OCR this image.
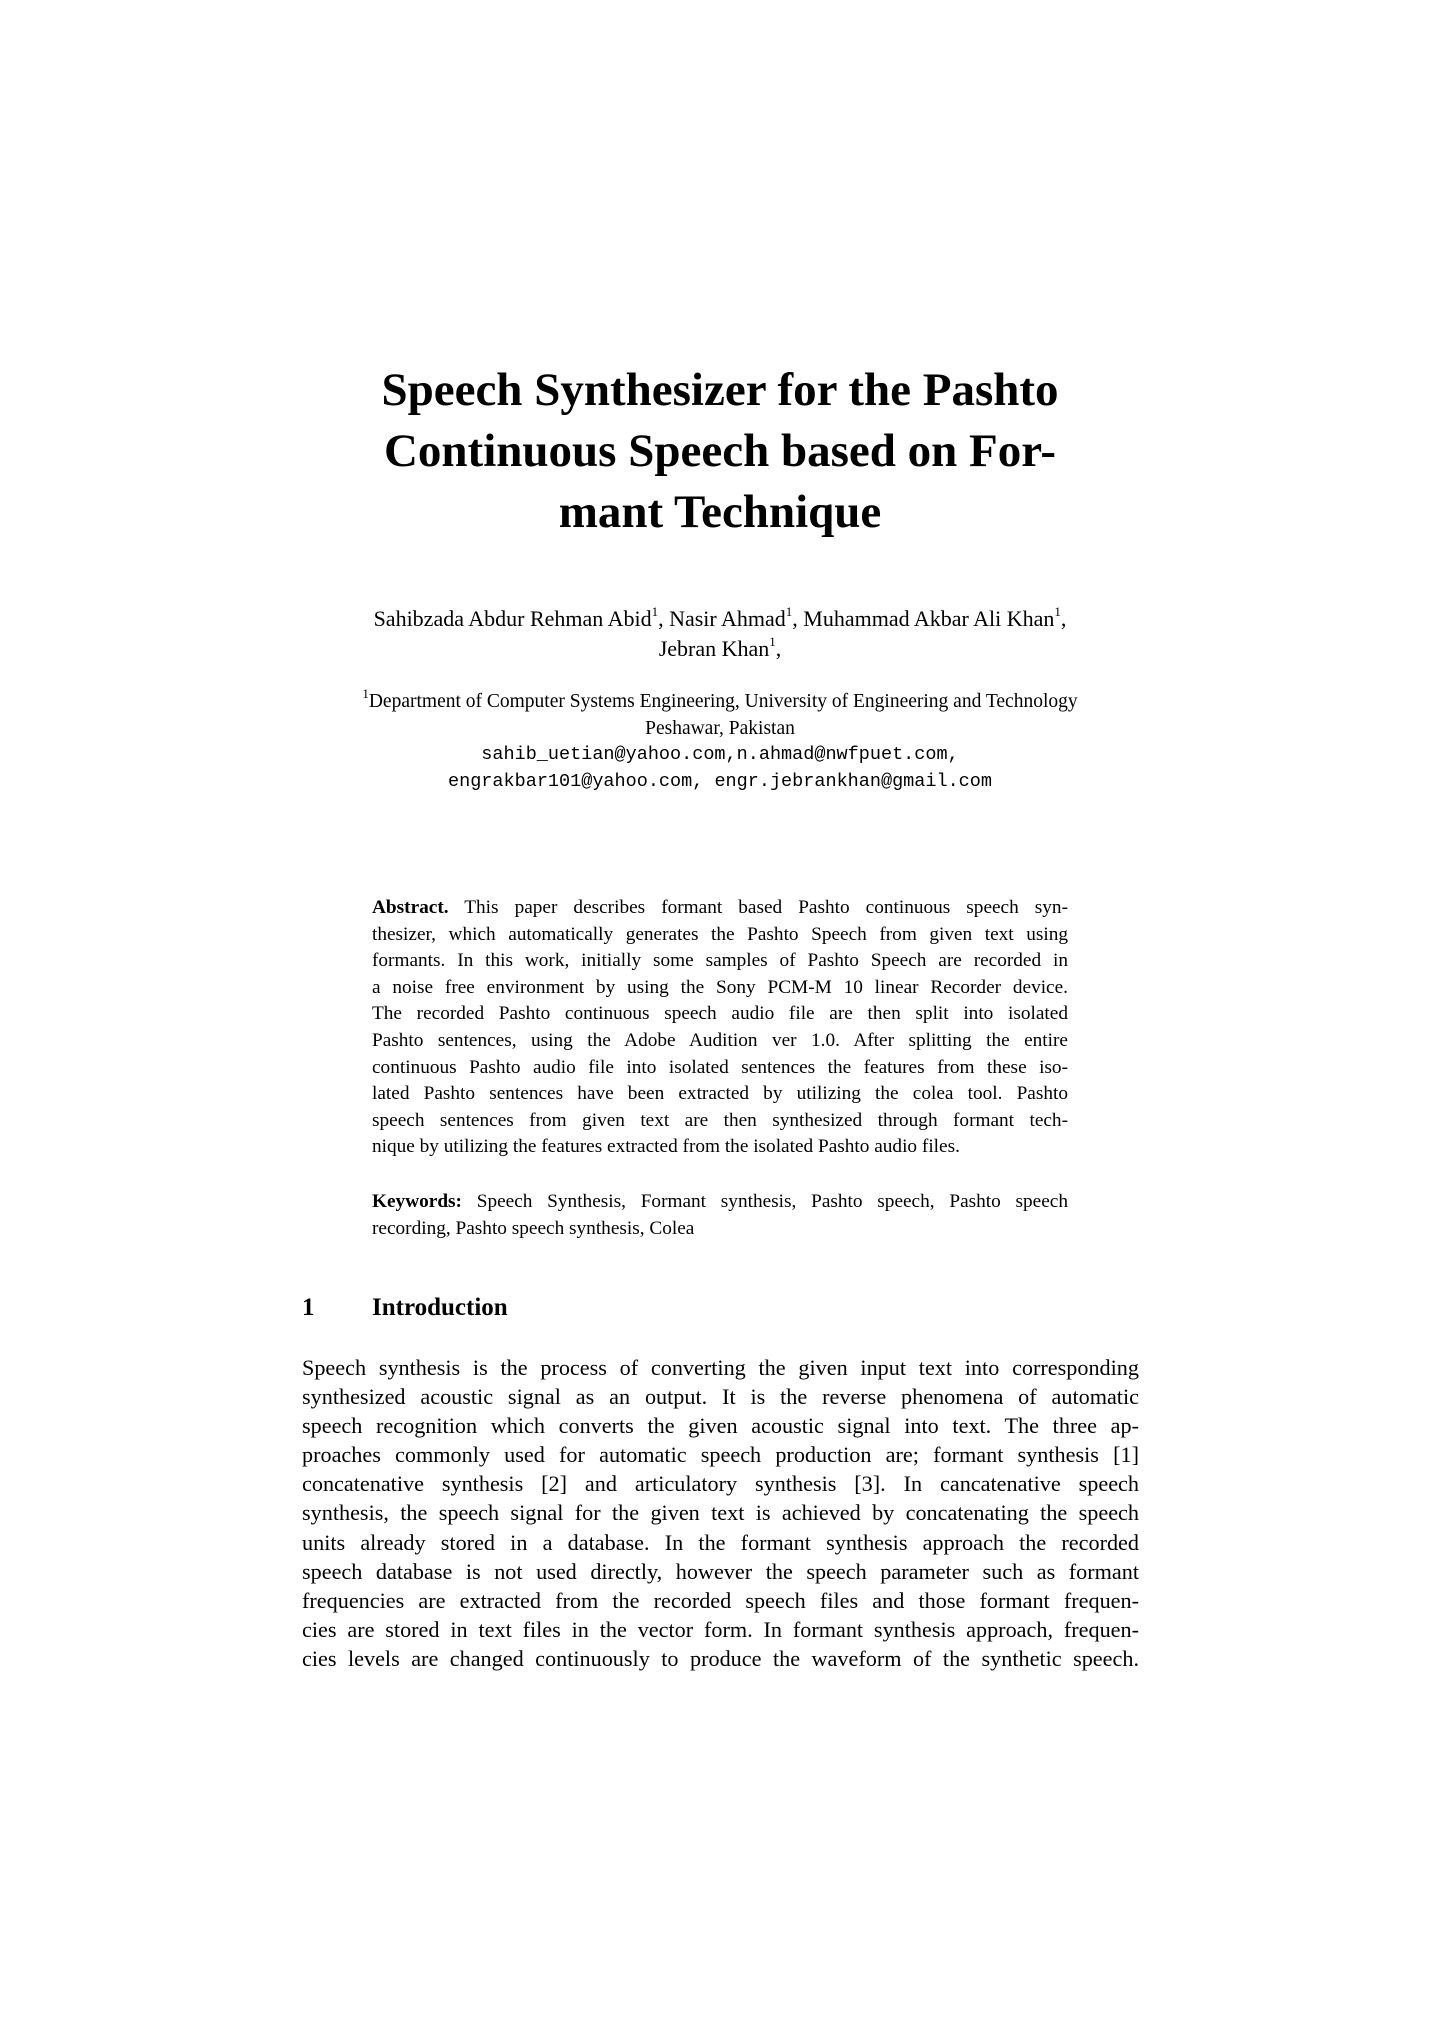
Speech Synthesizer for the Pashto
Continuous Speech based on For-
mant Technique
Sahibzada Abdur Rehman Abid$^1$, Nasir Ahmad$^1$, Muhammad Akbar Ali Khan$^1$,
Jebran Khan$^1$,
$^1$Department of Computer Systems Engineering, University of Engineering and Technology
Peshawar, Pakistan
sahib_uetian@yahoo.com,n.ahmad@nwfpuet.com,
engrakbar101@yahoo.com, engr.jebrankhan@gmail.com
Abstract. This paper describes formant based Pashto continuous speech syn-
thesizer, which automatically generates the Pashto Speech from given text using
formants. In this work, initially some samples of Pashto Speech are recorded in
a noise free environment by using the Sony PCM-M 10 linear Recorder device.
The recorded Pashto continuous speech audio file are then split into isolated
Pashto sentences, using the Adobe Audition ver 1.0. After splitting the entire
continuous Pashto audio file into isolated sentences the features from these iso-
lated Pashto sentences have been extracted by utilizing the colea tool. Pashto
speech sentences from given text are then synthesized through formant tech-
nique by utilizing the features extracted from the isolated Pashto audio files.
Keywords: Speech Synthesis, Formant synthesis, Pashto speech, Pashto speech
recording, Pashto speech synthesis, Colea
1 Introduction
Speech synthesis is the process of converting the given input text into corresponding
synthesized acoustic signal as an output. It is the reverse phenomena of automatic
speech recognition which converts the given acoustic signal into text. The three ap-
proaches commonly used for automatic speech production are; formant synthesis [1]
concatenative synthesis [2] and articulatory synthesis [3]. In cancatenative speech
synthesis, the speech signal for the given text is achieved by concatenating the speech
units already stored in a database. In the formant synthesis approach the recorded
speech database is not used directly, however the speech parameter such as formant
frequencies are extracted from the recorded speech files and those formant frequen-
cies are stored in text files in the vector form. In formant synthesis approach, frequen-
cies levels are changed continuously to produce the waveform of the synthetic speech.
